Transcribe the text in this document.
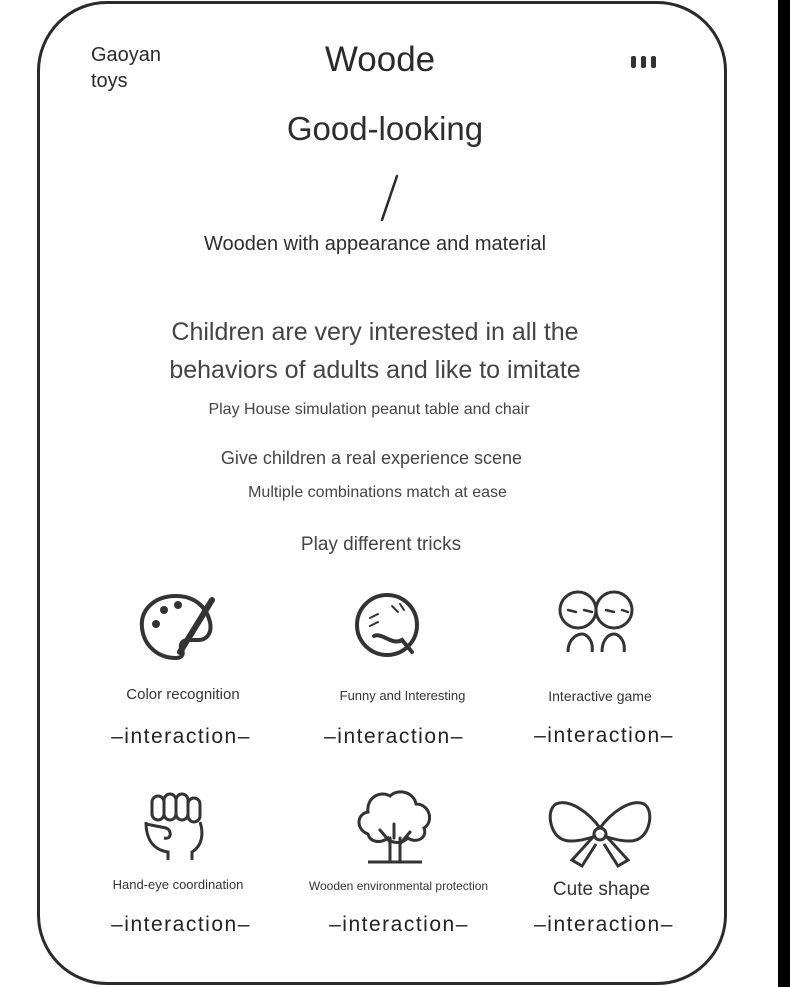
Gaoyan toys
Woode
Good-looking
Wooden with appearance and material
Children are very interested in all the behaviors of adults and like to imitate
Play House simulation peanut table and chair
Give children a real experience scene
Multiple combinations match at ease
Play different tricks
Color recognition
–interaction–
Funny and Interesting
–interaction–
Interactive game
–interaction–
Hand-eye coordination
–interaction–
Wooden environmental protection
–interaction–
Cute shape
–interaction–
